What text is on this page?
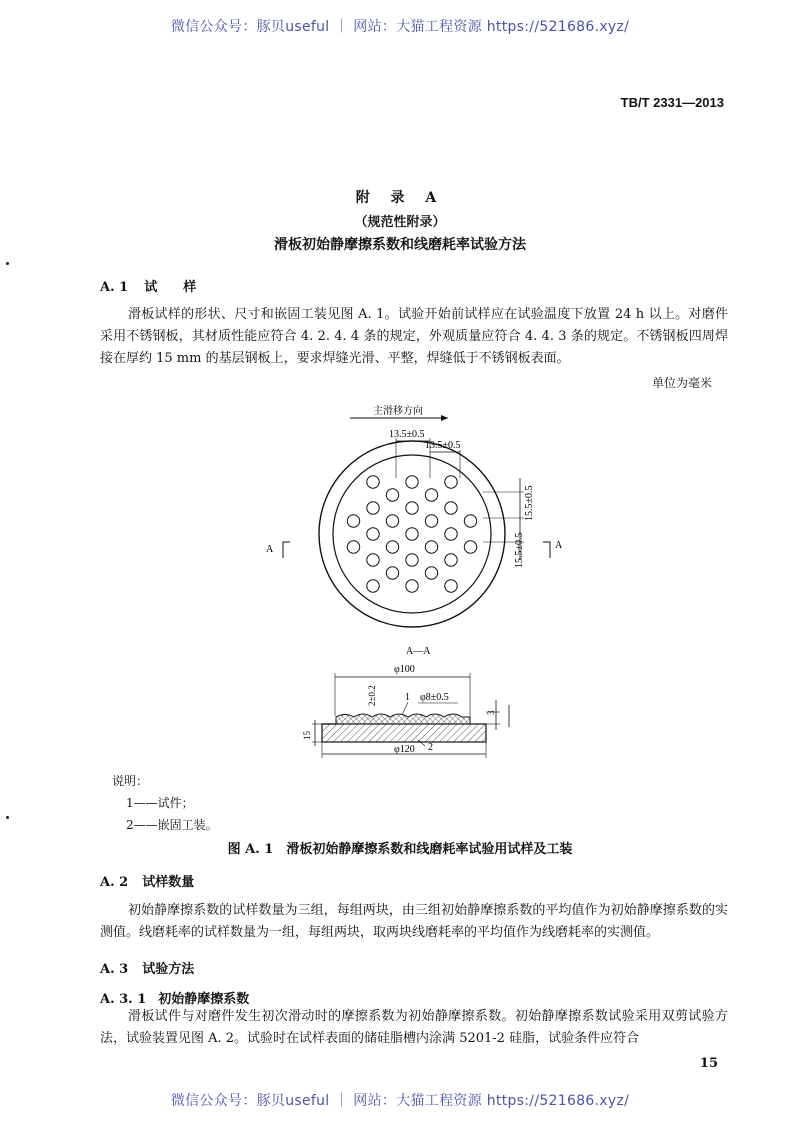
微信公众号：豚贝useful ｜ 网站：大猫工程资源 https://521686.xyz/
微信公众号：豚贝useful ｜ 网站：大猫工程资源 https://521686.xyz/
TB/T 2331—2013
附 录 A
（规范性附录）
滑板初始静摩擦系数和线磨耗率试验方法
A. 1 试　　样

滑板试样的形状、尺寸和嵌固工装见图 A. 1。试验开始前试样应在试验温度下放置 24 h 以上。对磨件采用不锈钢板，其材质性能应符合 4. 2. 4. 4 条的规定，外观质量应符合 4. 4. 3 条的规定。不锈钢板四周焊接在厚约 15 mm 的基层钢板上，要求焊缝光滑、平整，焊缝低于不锈钢板表面。

单位为毫米
主滑移方向
13.5±0.5
13.5±0.5
15.5±0.5
15.5±0.5
A	A
A—A
φ100
2±0.2	1 φ8±0.5
15
3
φ120 2
说明：
1——试件；
2——嵌固工装。
图 A. 1　滑板初始静摩擦系数和线磨耗率试验用试样及工装
A. 2 试样数量

初始静摩擦系数的试样数量为三组，每组两块，由三组初始静摩擦系数的平均值作为初始静摩擦系数的实测值。线磨耗率的试样数量为一组，每组两块，取两块线磨耗率的平均值作为线磨耗率的实测值。

A. 3 试验方法
A. 3. 1 初始静摩擦系数

滑板试件与对磨件发生初次滑动时的摩擦系数为初始静摩擦系数。初始静摩擦系数试验采用双剪试验方法，试验装置见图 A. 2。试验时在试样表面的储硅脂槽内涂满 5201-2 硅脂，试验条件应符合

15
